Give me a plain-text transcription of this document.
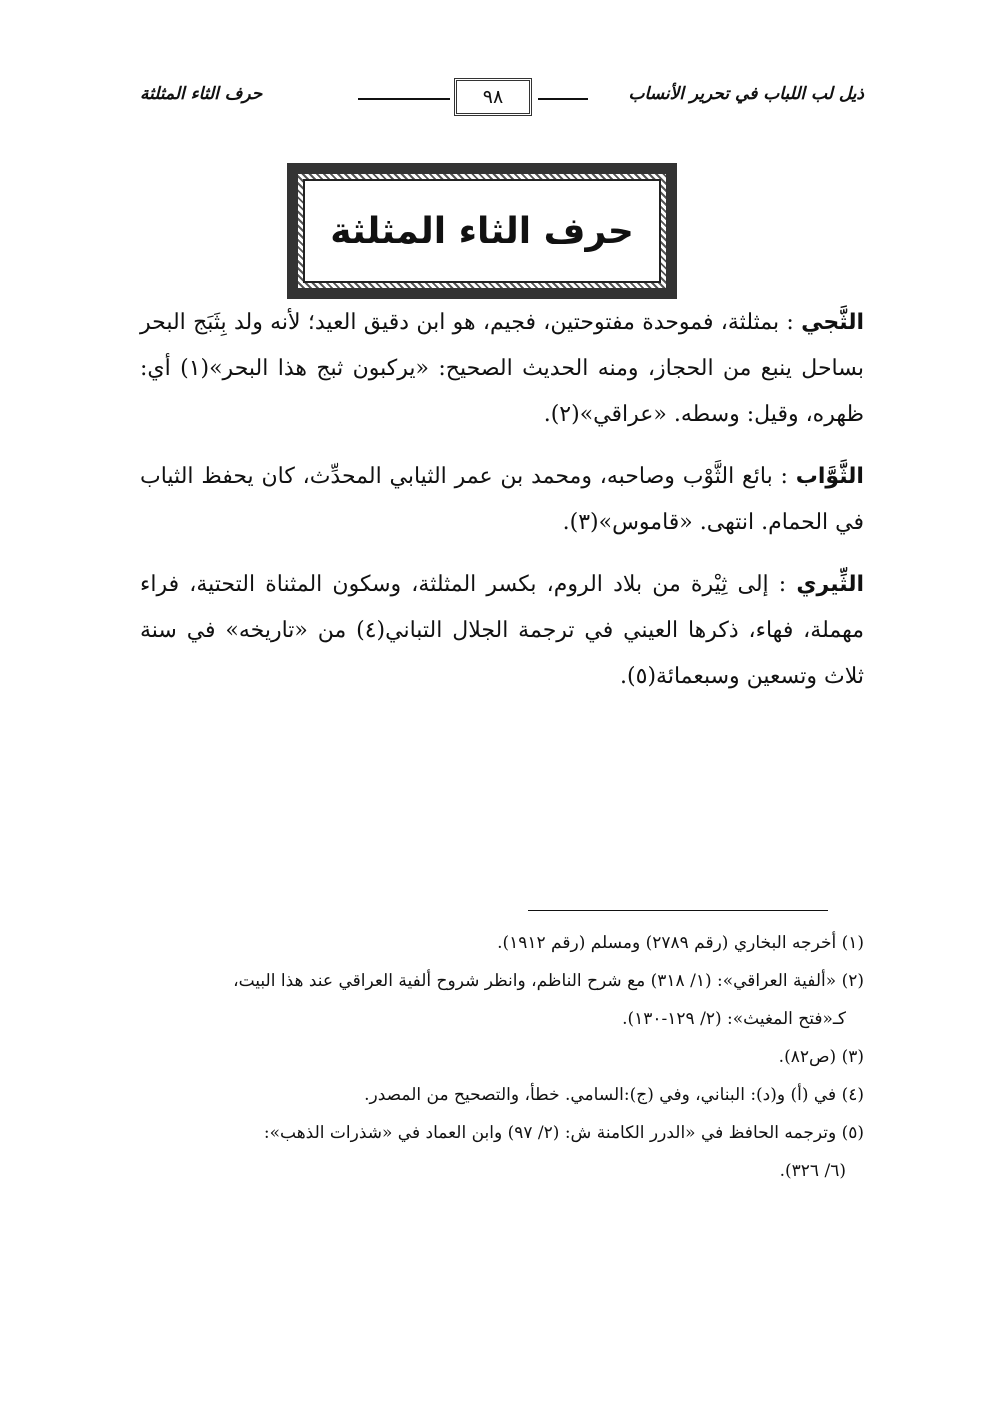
حرف الثاء المثلثة	٩٨	ذيل لب اللباب في تحرير الأنساب
حرف الثاء المثلثة

الثَّجي : بمثلثة، فموحدة مفتوحتين، فجيم، هو ابن دقيق العيد؛ لأنه ولد بِثَبَج البحر بساحل ينبع من الحجاز، ومنه الحديث الصحيح: «يركبون ثبج هذا البحر»(١) أي: ظهره، وقيل: وسطه. «عراقي»(٢).

الثَّوَّاب : بائع الثَّوْب وصاحبه، ومحمد بن عمر الثيابي المحدِّث، كان يحفظ الثياب في الحمام. انتهى. «قاموس»(٣).

الثِّيري : إلى ثِيْرة من بلاد الروم، بكسر المثلثة، وسكون المثناة التحتية، فراء مهملة، فهاء، ذكرها العيني في ترجمة الجلال التباني(٤) من «تاريخه» في سنة ثلاث وتسعين وسبعمائة(٥).

(١) أخرجه البخاري (رقم ٢٧٨٩) ومسلم (رقم ١٩١٢).

(٢) «ألفية العراقي»: (١/ ٣١٨) مع شرح الناظم، وانظر شروح ألفية العراقي عند هذا البيت،

كـ«فتح المغيث»: (٢/ ١٢٩-١٣٠).

(٣) (ص٨٢).

(٤) في (أ) و(د): البناني، وفي (ج):السامي. خطأ، والتصحيح من المصدر.

(٥) وترجمه الحافظ في «الدرر الكامنة ش: (٢/ ٩٧) وابن العماد في «شذرات الذهب»:

(٦/ ٣٢٦).
